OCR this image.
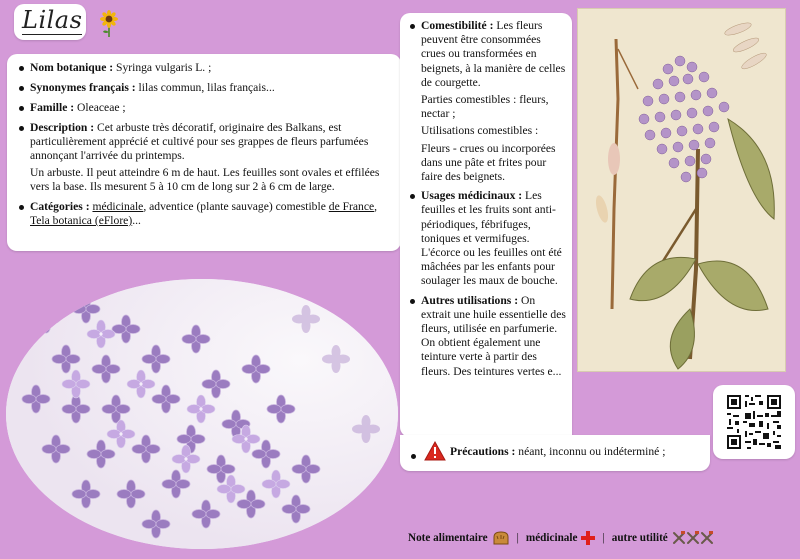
Lilas
Nom botanique : Syringa vulgaris L. ;
Synonymes français : lilas commun, lilas français...
Famille : Oleaceae ;
Description : Cet arbuste très décoratif, originaire des Balkans, est particulièrement apprécié et cultivé pour ses grappes de fleurs parfumées annonçant l'arrivée du printemps.
Un arbuste. Il peut atteindre 6 m de haut. Les feuilles sont ovales et effilées vers la base. Ils mesurent 5 à 10 cm de long sur 2 à 6 cm de large.
Catégories : médicinale, adventice (plante sauvage) comestible de France, Tela botanica (eFlore)...
Comestibilité : Les fleurs peuvent être consommées crues ou transformées en beignets, à la manière de celles de courgette.
Parties comestibles : fleurs, nectar ;
Utilisations comestibles :
Fleurs - crues ou incorporées dans une pâte et frites pour faire des beignets.
Usages médicinaux : Les feuilles et les fruits sont anti-périodiques, fébrifuges, toniques et vermifuges. L'écorce ou les feuilles ont été mâchées par les enfants pour soulager les maux de bouche.
Autres utilisations : On extrait une huile essentielle des fleurs, utilisée en parfumerie. On obtient également une teinture verte à partir des fleurs. Des teintures vertes e...
Précautions :
néant, inconnu ou indéterminé ;
Note alimentaire	| médicinale | autre utilité
